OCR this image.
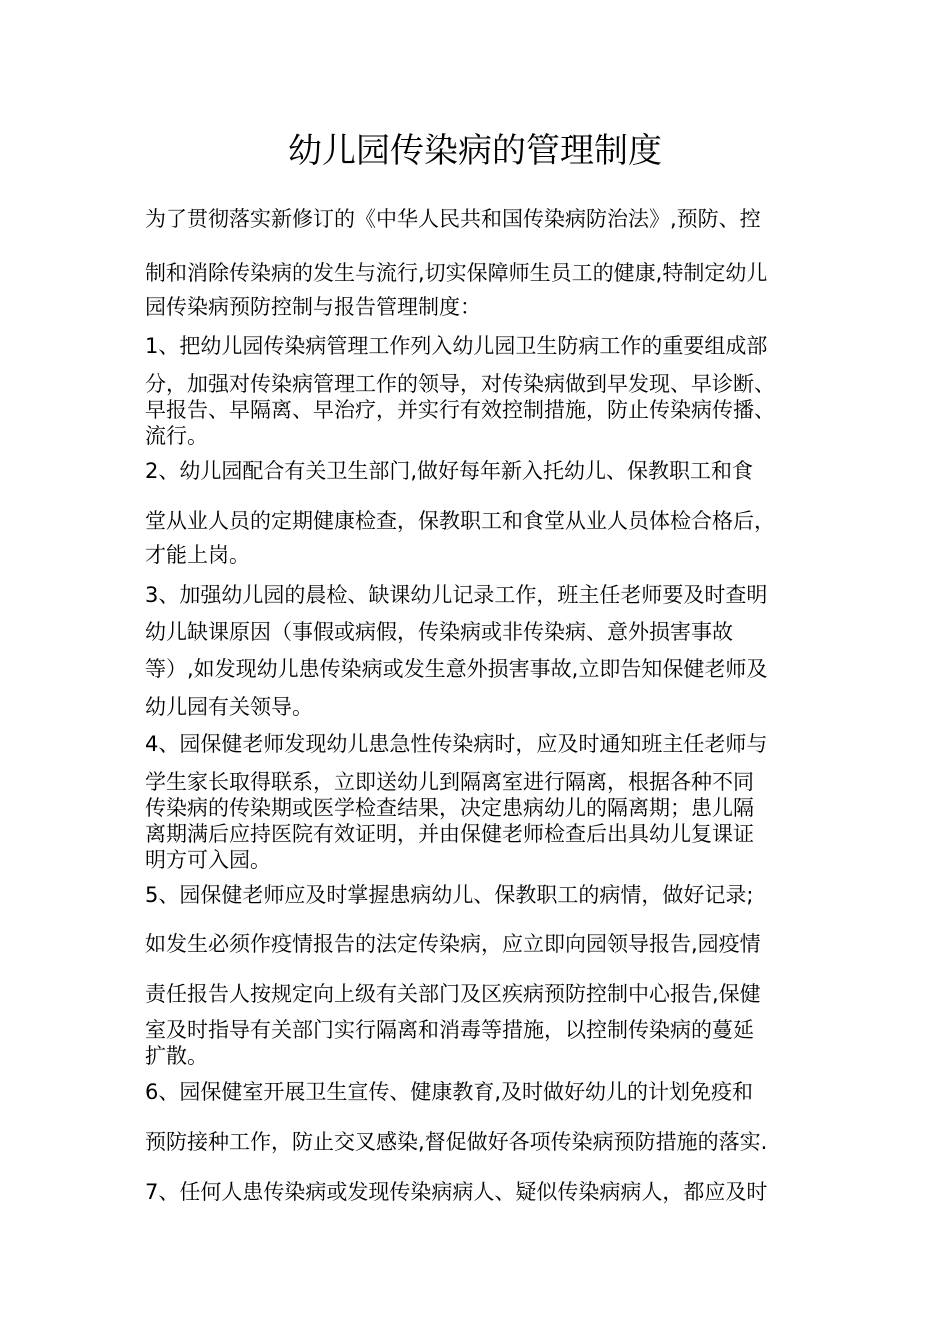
幼儿园传染病的管理制度

为了贯彻落实新修订的《中华人民共和国传染病防治法》,预防、控

制和消除传染病的发生与流行,切实保障师生员工的健康,特制定幼儿

园传染病预防控制与报告管理制度：

1、把幼儿园传染病管理工作列入幼儿园卫生防病工作的重要组成部

分，加强对传染病管理工作的领导，对传染病做到早发现、早诊断、

早报告、早隔离、早治疗，并实行有效控制措施，防止传染病传播、

流行。

2、幼儿园配合有关卫生部门,做好每年新入托幼儿、保教职工和食

堂从业人员的定期健康检查，保教职工和食堂从业人员体检合格后，

才能上岗。

3、加强幼儿园的晨检、缺课幼儿记录工作，班主任老师要及时查明

幼儿缺课原因（事假或病假，传染病或非传染病、意外损害事故

等）,如发现幼儿患传染病或发生意外损害事故,立即告知保健老师及

幼儿园有关领导。

4、园保健老师发现幼儿患急性传染病时，应及时通知班主任老师与

学生家长取得联系，立即送幼儿到隔离室进行隔离，根据各种不同

传染病的传染期或医学检查结果，决定患病幼儿的隔离期；患儿隔

离期满后应持医院有效证明，并由保健老师检查后出具幼儿复课证

明方可入园。

5、园保健老师应及时掌握患病幼儿、保教职工的病情，做好记录;

如发生必须作疫情报告的法定传染病，应立即向园领导报告,园疫情

责任报告人按规定向上级有关部门及区疾病预防控制中心报告,保健

室及时指导有关部门实行隔离和消毒等措施，以控制传染病的蔓延

扩散。

6、园保健室开展卫生宣传、健康教育,及时做好幼儿的计划免疫和

预防接种工作，防止交叉感染,督促做好各项传染病预防措施的落实.

7、任何人患传染病或发现传染病病人、疑似传染病病人，都应及时
